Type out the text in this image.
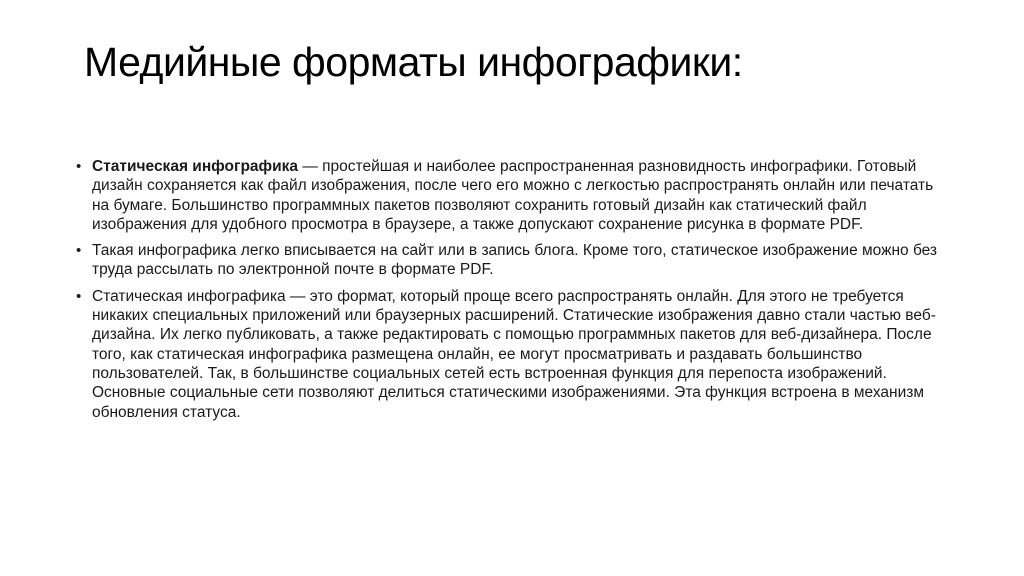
Медийные форматы инфографики:
• Статическая инфографика — простейшая и наиболее распространенная разновидность инфографики. Готовый дизайн сохраняется как файл изображения, после чего его можно с легкостью распространять онлайн или печатать на бумаге. Большинство программных пакетов позволяют сохранить готовый дизайн как статический файл изображения для удобного просмотра в браузере, а также допускают сохранение рисунка в формате PDF.
• Такая инфографика легко вписывается на сайт или в запись блога. Кроме того, статическое изображение можно без труда рассылать по электронной почте в формате PDF.
• Статическая инфографика — это формат, который проще всего распространять онлайн. Для этого не требуется никаких специальных приложений или браузерных расширений. Статические изображения давно стали частью веб-дизайна. Их легко публиковать, а также редактировать с помощью программных пакетов для веб-дизайнера. После того, как статическая инфографика размещена онлайн, ее могут просматривать и раздавать большинство пользователей. Так, в большинстве социальных сетей есть встроенная функция для перепоста изображений. Основные социальные сети позволяют делиться статическими изображениями. Эта функция встроена в механизм обновления статуса.
